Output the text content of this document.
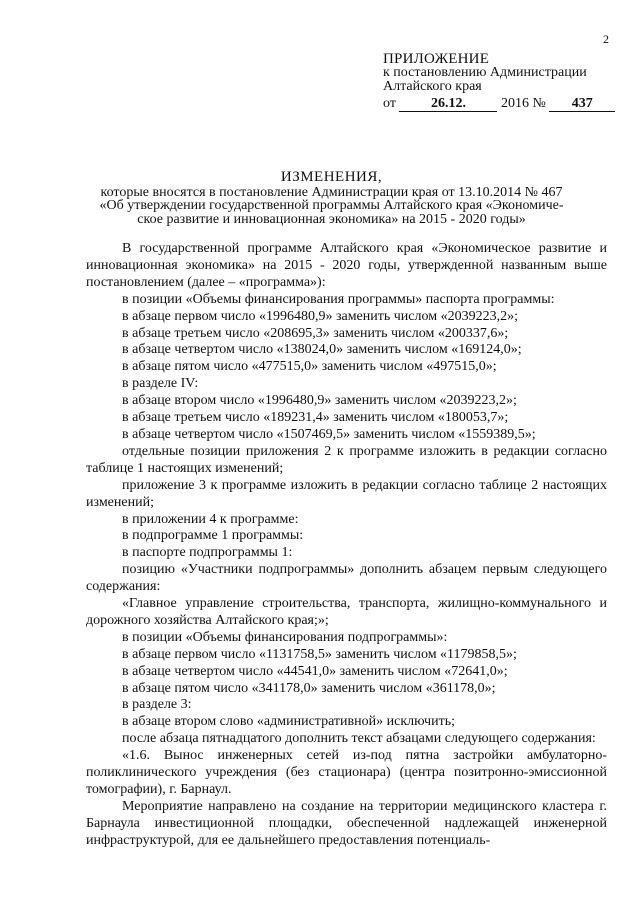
2
ПРИЛОЖЕНИЕ
к постановлению Администрации
Алтайского края
от	26.12.	2016 № 437
ИЗМЕНЕНИЯ,
которые вносятся в постановление Администрации края от 13.10.2014 № 467
«Об утверждении государственной программы Алтайского края «Экономиче-
ское развитие и инновационная экономика» на 2015 - 2020 годы»

В государственной программе Алтайского края «Экономическое развитие и инновационная экономика» на 2015 - 2020 годы, утвержденной названным выше постановлением (далее – «программа»):

в позиции «Объемы финансирования программы» паспорта программы:

в абзаце первом число «1996480,9» заменить числом «2039223,2»;

в абзаце третьем число «208695,3» заменить числом «200337,6»;

в абзаце четвертом число «138024,0» заменить числом «169124,0»;

в абзаце пятом число «477515,0» заменить числом «497515,0»;

в разделе IV:

в абзаце втором число «1996480,9» заменить числом «2039223,2»;

в абзаце третьем число «189231,4» заменить числом «180053,7»;

в абзаце четвертом число «1507469,5» заменить числом «1559389,5»;

отдельные позиции приложения 2 к программе изложить в редакции согласно таблице 1 настоящих изменений;

приложение 3 к программе изложить в редакции согласно таблице 2 настоящих изменений;

в приложении 4 к программе:

в подпрограмме 1 программы:

в паспорте подпрограммы 1:

позицию «Участники подпрограммы» дополнить абзацем первым следующего содержания:

«Главное управление строительства, транспорта, жилищно-коммунального и дорожного хозяйства Алтайского края;»;

в позиции «Объемы финансирования подпрограммы»:

в абзаце первом число «1131758,5» заменить числом «1179858,5»;

в абзаце четвертом число «44541,0» заменить числом «72641,0»;

в абзаце пятом число «341178,0» заменить числом «361178,0»;

в разделе 3:

в абзаце втором слово «административной» исключить;

после абзаца пятнадцатого дополнить текст абзацами следующего содержания:

«1.6. Вынос инженерных сетей из-под пятна застройки амбулаторно-поликлинического учреждения (без стационара) (центра позитронно-эмиссионной томографии), г. Барнаул.

Мероприятие направлено на создание на территории медицинского кластера г. Барнаула инвестиционной площадки, обеспеченной надлежащей инженерной инфраструктурой, для ее дальнейшего предоставления потенциаль-
